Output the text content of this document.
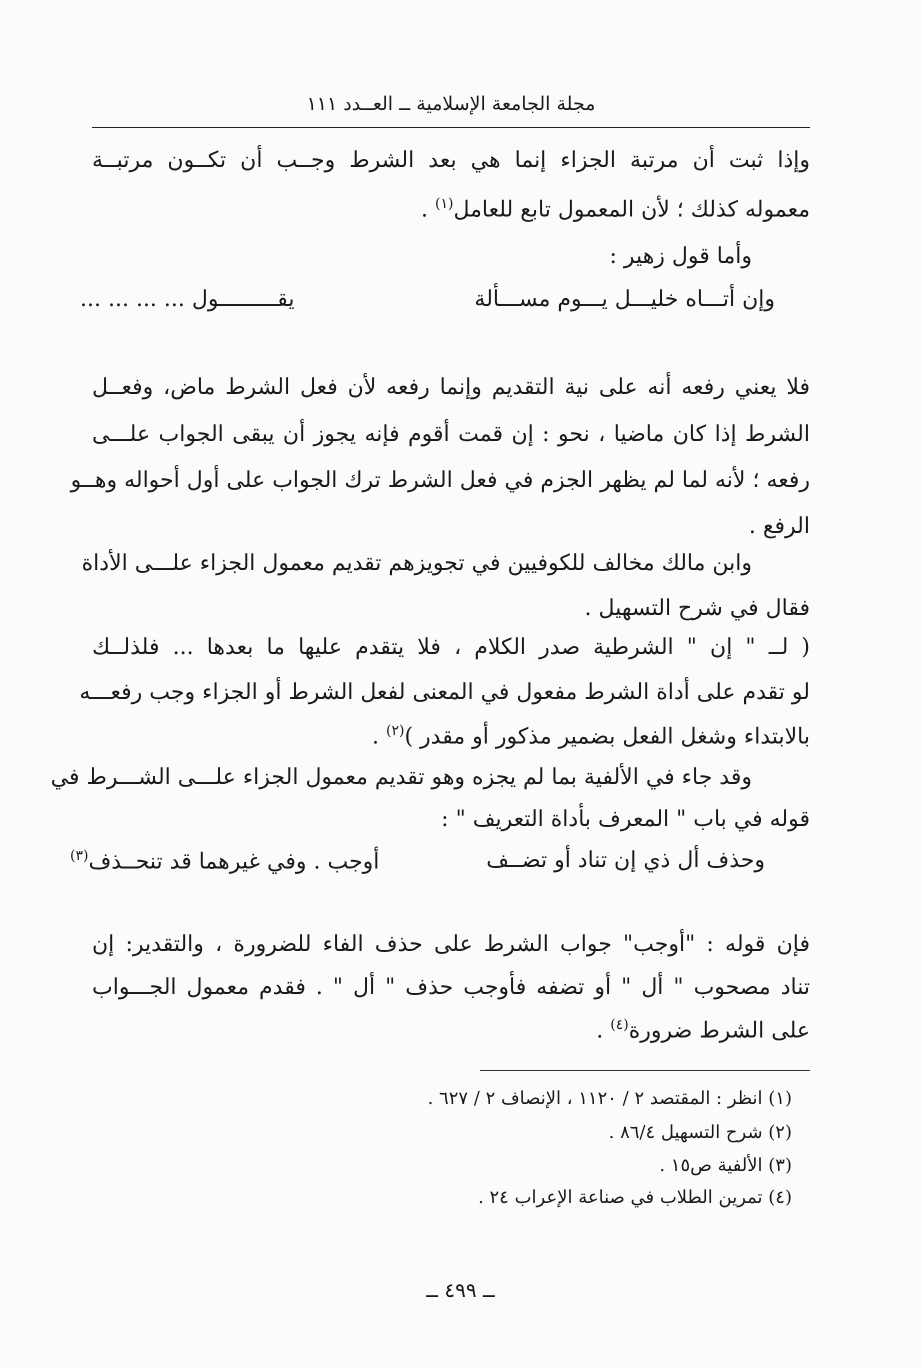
مجلة الجامعة الإسلامية ــ العــدد ١١١
وإذا ثبت أن مرتبة الجزاء إنما هي بعد الشرط وجــب أن تكــون مرتبــة
معموله كذلك ؛ لأن المعمول تابع للعامل$^{(١)}$ .
وأما قول زهير :
وإن أتـــاه خليـــل يـــوم مســـألة
يقـــــــــول ... ... ... ...
فلا يعني رفعه أنه على نية التقديم وإنما رفعه لأن فعل الشرط ماض، وفعــل
الشرط إذا كان ماضيا ، نحو : إن قمت أقوم فإنه يجوز أن يبقى الجواب علـــى
رفعه ؛ لأنه لما لم يظهر الجزم في فعل الشرط ترك الجواب على أول أحواله وهــو
الرفع .
وابن مالك مخالف للكوفيين في تجويزهم تقديم معمول الجزاء علـــى الأداة
فقال في شرح التسهيل .
( لــ " إن " الشرطية صدر الكلام ، فلا يتقدم عليها ما بعدها ... فلذلــك
لو تقدم على أداة الشرط مفعول في المعنى لفعل الشرط أو الجزاء وجب رفعـــه
بالابتداء وشغل الفعل بضمير مذكور أو مقدر )$^{(٢)}$ .
وقد جاء في الألفية بما لم يجزه وهو تقديم معمول الجزاء علـــى الشـــرط في
قوله في باب " المعرف بأداة التعريف " :
وحذف أل ذي إن تناد أو تضــف
أوجب . وفي غيرهما قد تنحــذف$^{(٣)}$
فإن قوله : "أوجب" جواب الشرط على حذف الفاء للضرورة ، والتقدير: إن
تناد مصحوب " أل " أو تضفه فأوجب حذف " أل " . فقدم معمول الجـــواب
على الشرط ضرورة$^{(٤)}$ .
(١) انظر : المقتصد ٢ / ١١٢٠ ، الإنصاف ٢ / ٦٢٧ .
(٢) شرح التسهيل ٨٦/٤ .
(٣) الألفية ص١٥ .
(٤) تمرين الطلاب في صناعة الإعراب ٢٤ .
ــ ٤٩٩ ــ
